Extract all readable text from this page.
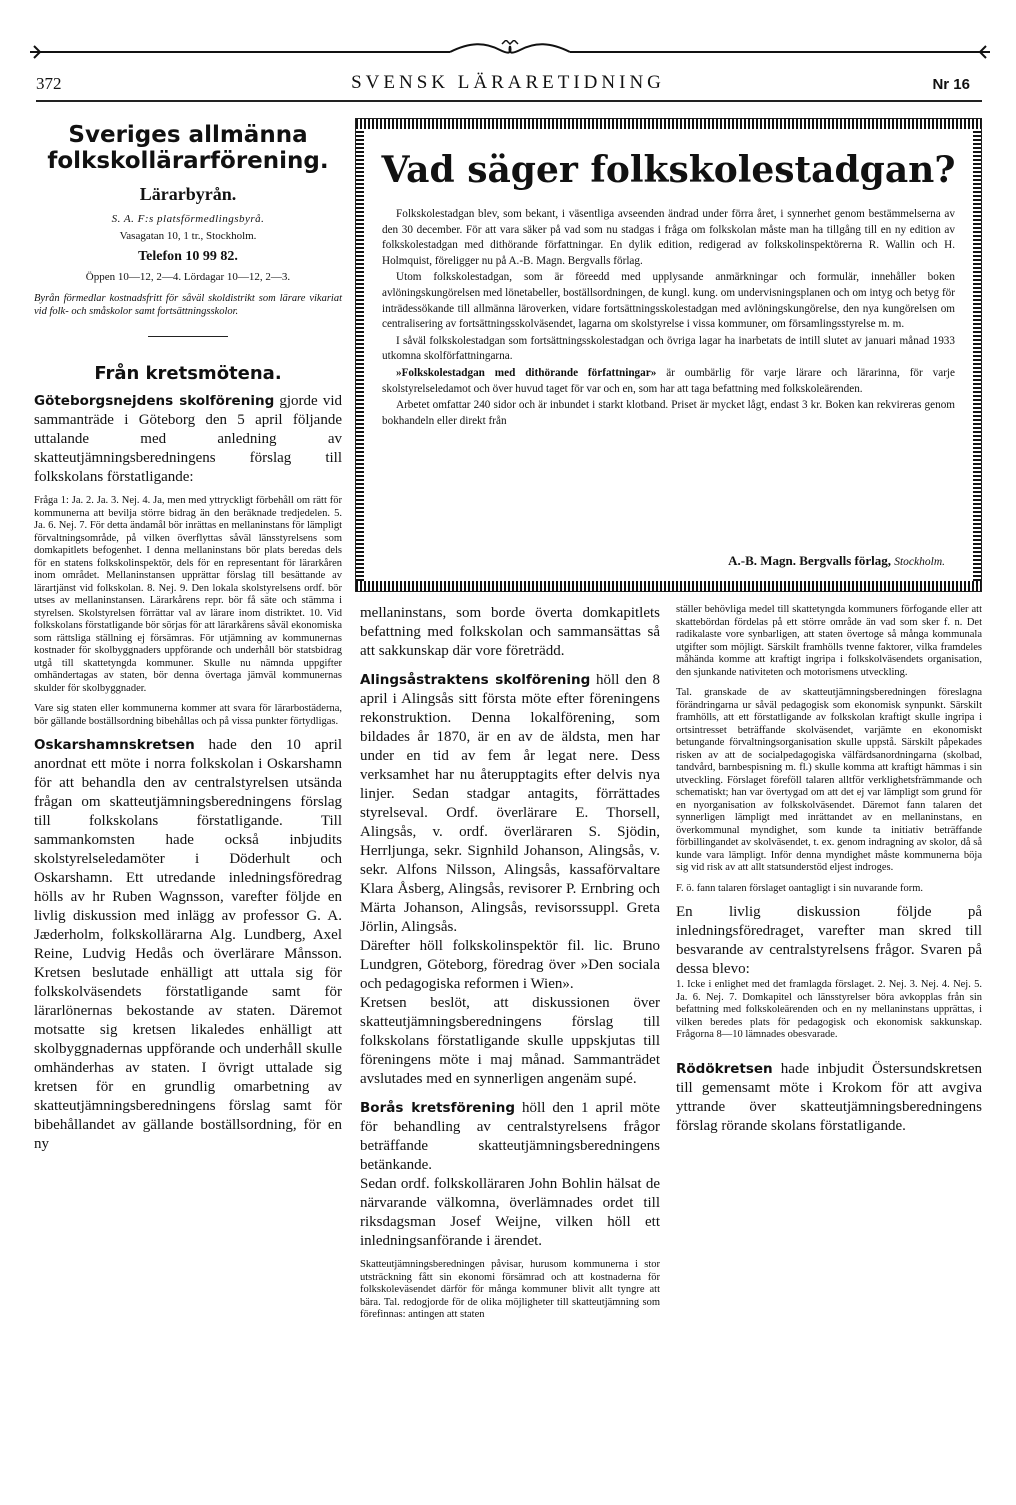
372	SVENSK LÄRARETIDNING	Nr 16
Sveriges allmänna folkskollärarförening.
Lärarbyrån.
S. A. F:s platsförmedlingsbyrå.
Vasagatan 10, 1 tr., Stockholm.
Telefon 10 99 82.
Öppen 10—12, 2—4. Lördagar 10—12, 2—3.
Byrån förmedlar kostnadsfritt för såväl skoldistrikt som lärare vikariat vid folk- och småskolor samt fortsättningsskolor.
Från kretsmötena.

Göteborgsnejdens skolförening gjorde vid sammanträde i Göteborg den 5 april följande uttalande med anledning av skatteutjämningsberedningens förslag till folkskolans förstatligande:

Fråga 1: Ja. 2. Ja. 3. Nej. 4. Ja, men med yttryckligt förbehåll om rätt för kommunerna att bevilja större bidrag än den beräknade tredjedelen. 5. Ja. 6. Nej. 7. För detta ändamål bör inrättas en mellaninstans för lämpligt förvaltningsområde, på vilken överflyttas såväl länsstyrelsens som domkapitlets befogenhet. I denna mellaninstans bör plats beredas dels för en statens folkskolinspektör, dels för en representant för lärarkåren inom området. Mellaninstansen upprättar förslag till besättande av lärartjänst vid folkskolan. 8. Nej. 9. Den lokala skolstyrelsens ordf. bör utses av mellaninstansen. Lärarkårens repr. bör få säte och stämma i styrelsen. Skolstyrelsen förrättar val av lärare inom distriktet. 10. Vid folkskolans förstatligande bör sörjas för att lärarkårens såväl ekonomiska som rättsliga ställning ej försämras. För utjämning av kommunernas kostnader för skolbyggnaders uppförande och underhåll bör statsbidrag utgå till skattetyngda kommuner. Skulle nu nämnda uppgifter omhändertagas av staten, bör denna övertaga jämväl kommunernas skulder för skolbyggnader.

Vare sig staten eller kommunerna kommer att svara för lärarbostäderna, bör gällande boställsordning bibehållas och på vissa punkter förtydligas.

Oskarshamnskretsen hade den 10 april anordnat ett möte i norra folkskolan i Oskarshamn för att behandla den av centralstyrelsen utsända frågan om skatteutjämningsberedningens förslag till folkskolans förstatligande. Till sammankomsten hade också inbjudits skolstyrelseledamöter i Döderhult och Oskarshamn. Ett utredande inledningsföredrag hölls av hr Ruben Wagnsson, varefter följde en livlig diskussion med inlägg av professor G. A. Jæderholm, folkskollärarna Alg. Lundberg, Axel Reine, Ludvig Hedås och överlärare Månsson. Kretsen beslutade enhälligt att uttala sig för folkskolväsendets förstatligande samt för lärarlönernas bekostande av staten. Däremot motsatte sig kretsen likaledes enhälligt att skolbyggnadernas uppförande och underhåll skulle omhänderhas av staten. I övrigt uttalade sig kretsen för en grundlig omarbetning av skatteutjämningsberedningens förslag samt för bibehållandet av gällande boställsordning, för en ny

Vad säger folkskolestadgan?

Folkskolestadgan blev, som bekant, i väsentliga avseenden ändrad under förra året, i synnerhet genom bestämmelserna av den 30 december. För att vara säker på vad som nu stadgas i fråga om folkskolan måste man ha tillgång till en ny edition av folkskolestadgan med dithörande författningar. En dylik edition, redigerad av folkskolinspektörerna R. Wallin och H. Holmquist, föreligger nu på A.-B. Magn. Bergvalls förlag.

Utom folkskolestadgan, som är föreedd med upplysande anmärkningar och formulär, innehåller boken avlöningskungörelsen med lönetabeller, boställsordningen, de kungl. kung. om undervisningsplanen och om intyg och betyg för inträdessökande till allmänna läroverken, vidare fortsättningsskolestadgan med avlöningskungörelse, den nya kungörelsen om centralisering av fortsättningsskolväsendet, lagarna om skolstyrelse i vissa kommuner, om församlingsstyrelse m. m.

I såväl folkskolestadgan som fortsättningsskolestadgan och övriga lagar ha inarbetats de intill slutet av januari månad 1933 utkomna skolförfattningarna.

»Folkskolestadgan med dithörande författningar» är oumbärlig för varje lärare och lärarinna, för varje skolstyrelseledamot och över huvud taget för var och en, som har att taga befattning med folkskoleärenden.

Arbetet omfattar 240 sidor och är inbundet i starkt klotband. Priset är mycket lågt, endast 3 kr. Boken kan rekvireras genom bokhandeln eller direkt från

A.-B. Magn. Bergvalls förlag, Stockholm.

mellaninstans, som borde överta domkapitlets befattning med folkskolan och sammansättas så att sakkunskap där vore företrädd.

Alingsåstraktens skolförening höll den 8 april i Alingsås sitt första möte efter föreningens rekonstruktion. Denna lokalförening, som bildades år 1870, är en av de äldsta, men har under en tid av fem år legat nere. Dess verksamhet har nu återupptagits efter delvis nya linjer. Sedan stadgar antagits, förrättades styrelseval. Ordf. överlärare E. Thorsell, Alingsås, v. ordf. överläraren S. Sjödin, Herrljunga, sekr. Signhild Johanson, Alingsås, v. sekr. Alfons Nilsson, Alingsås, kassaförvaltare Klara Åsberg, Alingsås, revisorer P. Ernbring och Märta Johanson, Alingsås, revisorssuppl. Greta Jörlin, Alingsås.

Därefter höll folkskolinspektör fil. lic. Bruno Lundgren, Göteborg, föredrag över »Den sociala och pedagogiska reformen i Wien».

Kretsen beslöt, att diskussionen över skatteutjämningsberedningens förslag till folkskolans förstatligande skulle uppskjutas till föreningens möte i maj månad. Sammanträdet avslutades med en synnerligen angenäm supé.

Borås kretsförening höll den 1 april möte för behandling av centralstyrelsens frågor beträffande skatteutjämningsberedningens betänkande.

Sedan ordf. folkskolläraren John Bohlin hälsat de närvarande välkomna, överlämnades ordet till riksdagsman Josef Weijne, vilken höll ett inledningsanförande i ärendet.

Skatteutjämningsberedningen påvisar, hurusom kommunerna i stor utsträckning fått sin ekonomi försämrad och att kostnaderna för folkskoleväsendet därför för många kommuner blivit allt tyngre att bära. Tal. redogjorde för de olika möjligheter till skatteutjämning som förefinnas: antingen att staten

ställer behövliga medel till skattetyngda kommuners förfogande eller att skattebördan fördelas på ett större område än vad som sker f. n. Det radikalaste vore synbarligen, att staten övertoge så många kommunala utgifter som möjligt. Särskilt framhölls tvenne faktorer, vilka framdeles måhända komme att kraftigt ingripa i folkskolväsendets organisation, den sjunkande nativiteten och motorismens utveckling.

Tal. granskade de av skatteutjämningsberedningen föreslagna förändringarna ur såväl pedagogisk som ekonomisk synpunkt. Särskilt framhölls, att ett förstatligande av folkskolan kraftigt skulle ingripa i ortsintresset beträffande skolväsendet, varjämte en ekonomiskt betungande förvaltningsorganisation skulle uppstå. Särskilt påpekades risken av att de socialpedagogiska välfärdsanordningarna (skolbad, tandvård, barnbespisning m. fl.) skulle komma att kraftigt hämmas i sin utveckling. Förslaget föreföll talaren alltför verklighetsfrämmande och schematiskt; han var övertygad om att det ej var lämpligt som grund för en nyorganisation av folkskolväsendet. Däremot fann talaren det synnerligen lämpligt med inrättandet av en mellaninstans, en överkommunal myndighet, som kunde ta initiativ beträffande förbillingandet av skolväsendet, t. ex. genom indragning av skolor, då så kunde vara lämpligt. Inför denna myndighet måste kommunerna böja sig vid risk av att allt statsunderstöd eljest indroges.

F. ö. fann talaren förslaget oantagligt i sin nuvarande form.

En livlig diskussion följde på inledningsföredraget, varefter man skred till besvarande av centralstyrelsens frågor. Svaren på dessa blevo:

1. Icke i enlighet med det framlagda förslaget. 2. Nej. 3. Nej. 4. Nej. 5. Ja. 6. Nej. 7. Domkapitel och länsstyrelser böra avkopplas från sin befattning med folkskoleärenden och en ny mellaninstans upprättas, i vilken beredes plats för pedagogisk och ekonomisk sakkunskap. Frågorna 8—10 lämnades obesvarade.

Rödökretsen hade inbjudit Östersundskretsen till gemensamt möte i Krokom för att avgiva yttrande över skatteutjämningsberedningens förslag rörande skolans förstatligande.
